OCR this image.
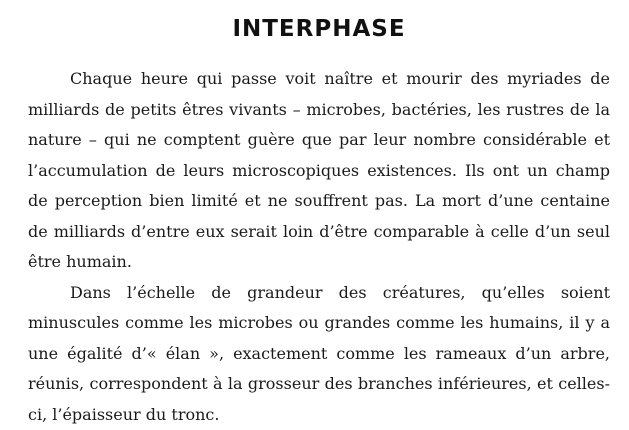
INTERPHASE

Chaque heure qui passe voit naître et mourir des myriades de milliards de petits êtres vivants – microbes, bactéries, les rustres de la nature – qui ne comptent guère que par leur nombre considérable et l’accumulation de leurs microscopiques existences. Ils ont un champ de perception bien limité et ne souffrent pas. La mort d’une centaine de milliards d’entre eux serait loin d’être comparable à celle d’un seul être humain.

Dans l’échelle de grandeur des créatures, qu’elles soient minuscules comme les microbes ou grandes comme les humains, il y a une égalité d’« élan », exactement comme les rameaux d’un arbre, réunis, correspondent à la grosseur des branches inférieures, et celles-ci, l’épaisseur du tronc.
